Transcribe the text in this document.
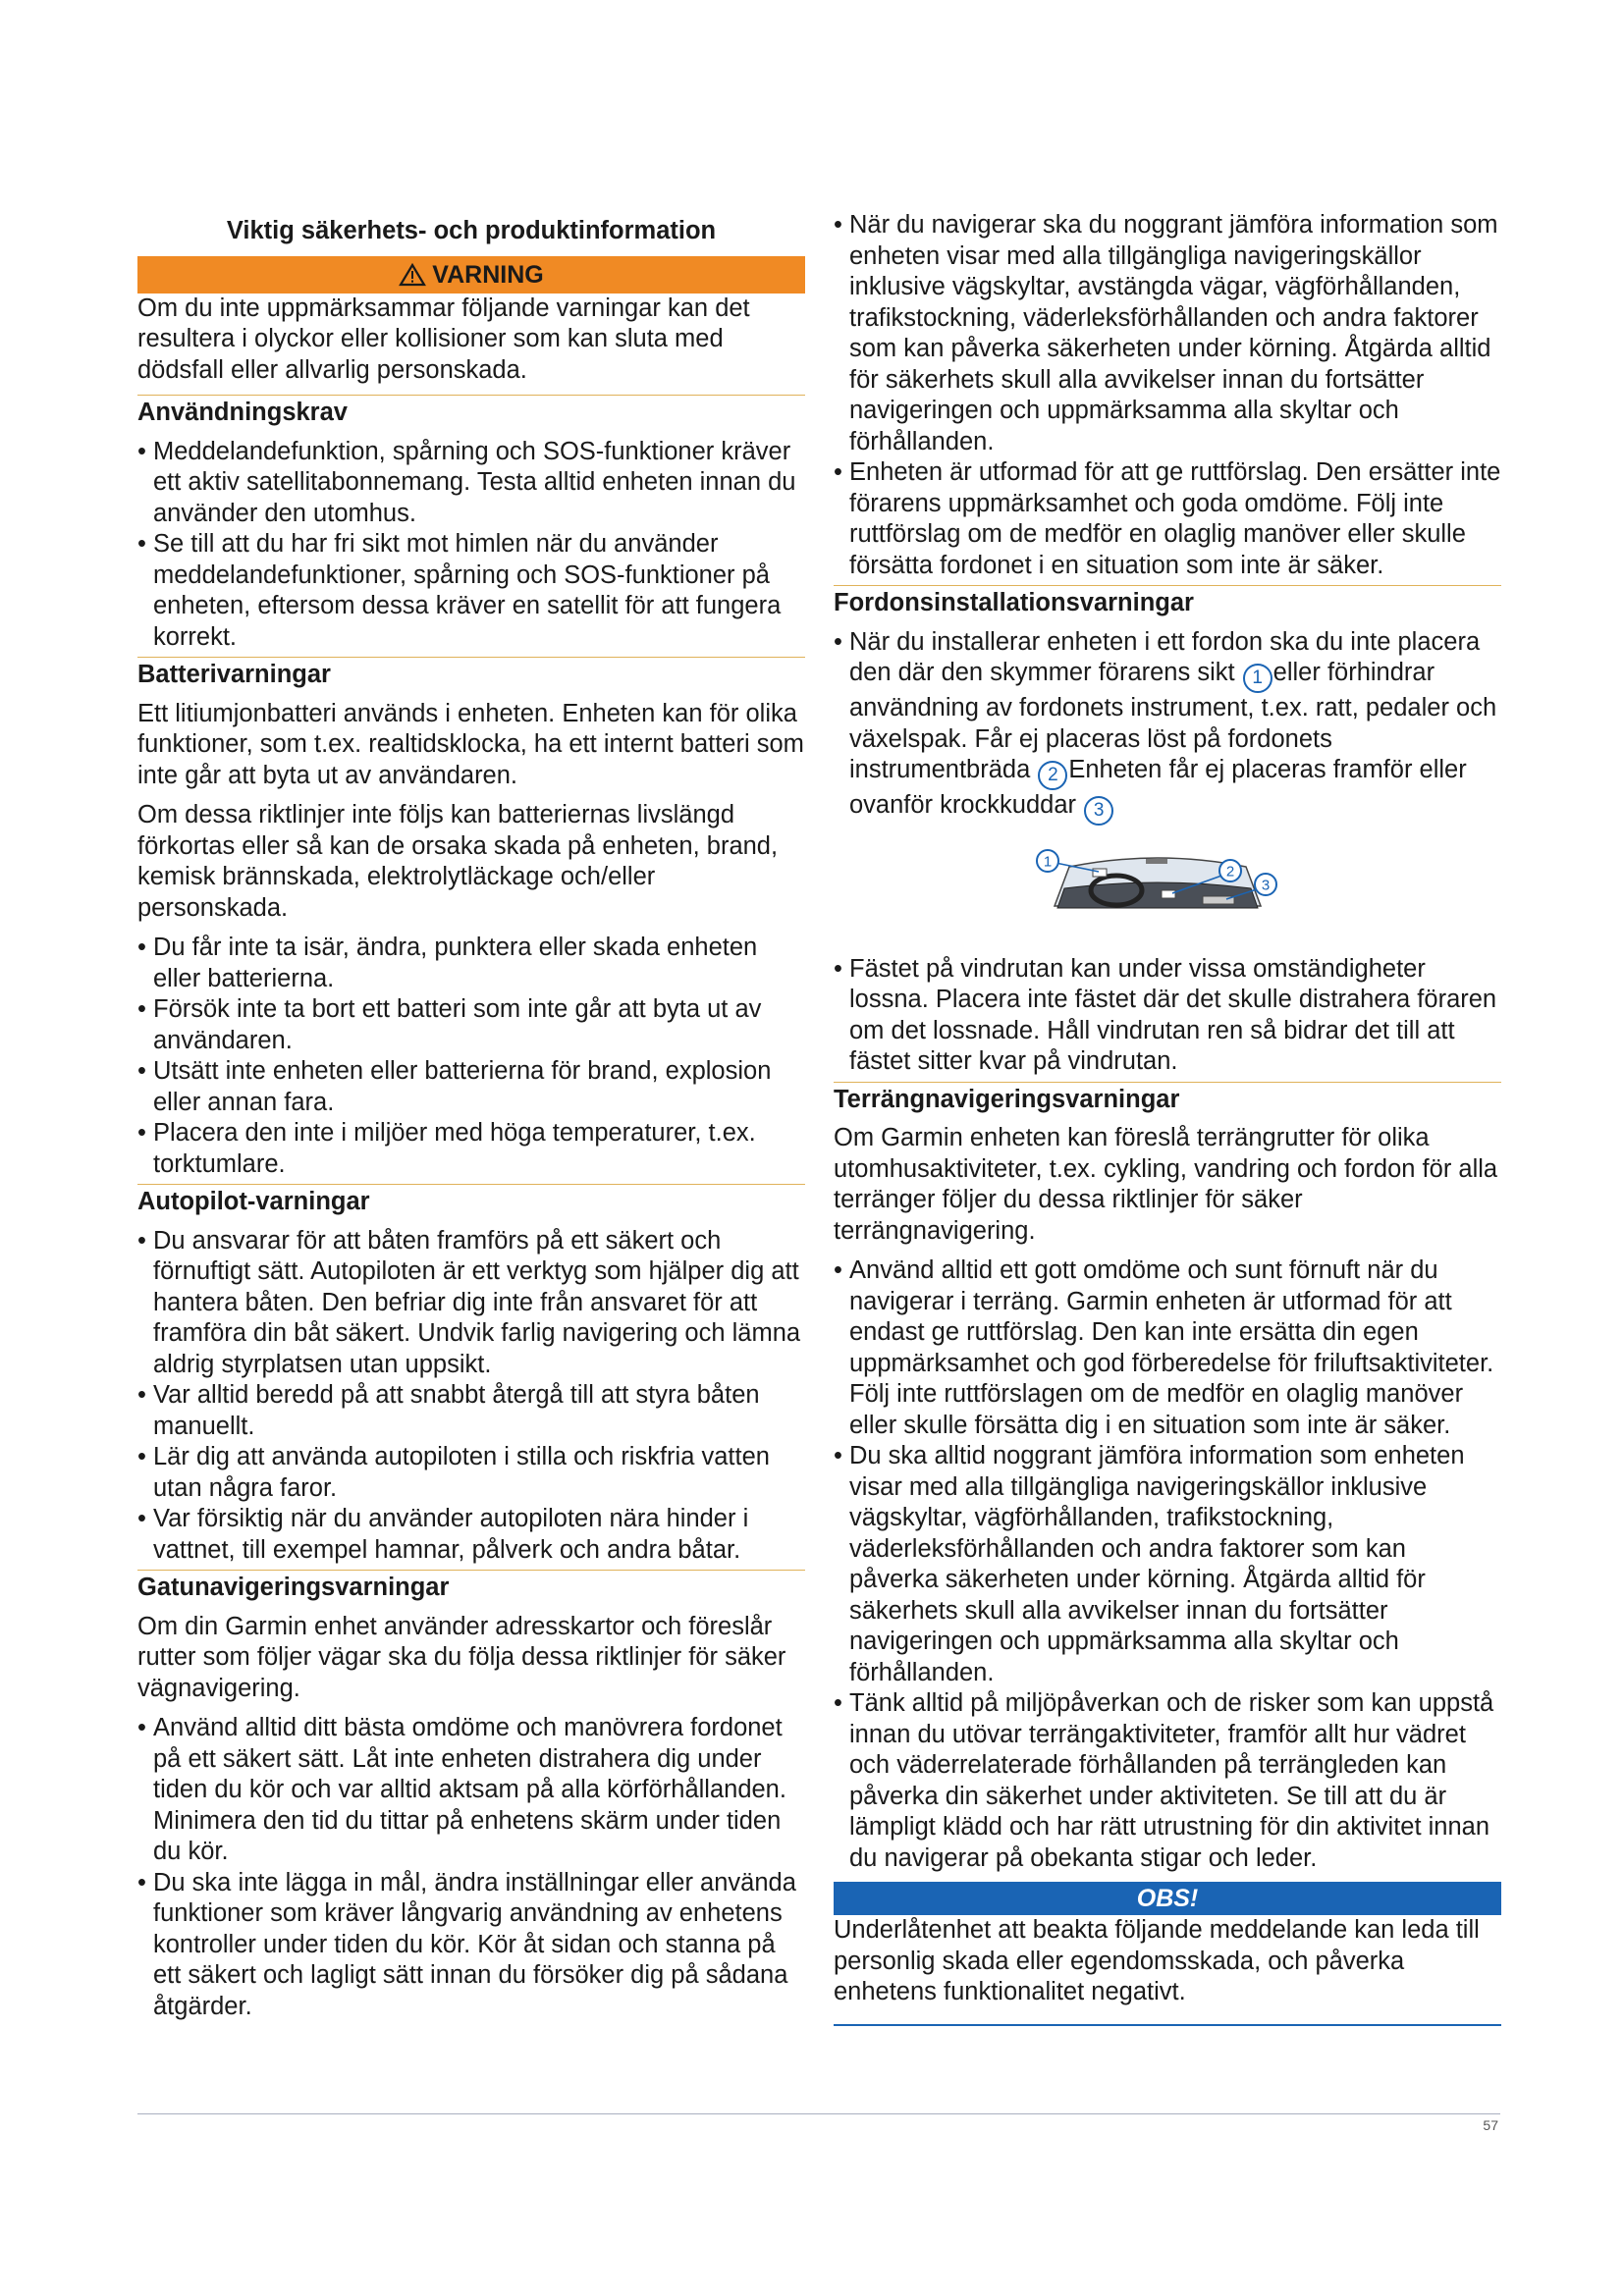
Viktig säkerhets- och produktinformation
VARNING

Om du inte uppmärksammar följande varningar kan det resultera i olyckor eller kollisioner som kan sluta med dödsfall eller allvarlig personskada.

Användningskrav
• Meddelandefunktion, spårning och SOS-funktioner kräver ett aktiv satellitabonnemang. Testa alltid enheten innan du använder den utomhus.
• Se till att du har fri sikt mot himlen när du använder meddelandefunktioner, spårning och SOS-funktioner på enheten, eftersom dessa kräver en satellit för att fungera korrekt.
Batterivarningar

Ett litiumjonbatteri används i enheten. Enheten kan för olika funktioner, som t.ex. realtidsklocka, ha ett internt batteri som inte går att byta ut av användaren.

Om dessa riktlinjer inte följs kan batteriernas livslängd förkortas eller så kan de orsaka skada på enheten, brand, kemisk brännskada, elektrolytläckage och/eller personskada.

• Du får inte ta isär, ändra, punktera eller skada enheten eller batterierna.
• Försök inte ta bort ett batteri som inte går att byta ut av användaren.
• Utsätt inte enheten eller batterierna för brand, explosion eller annan fara.
• Placera den inte i miljöer med höga temperaturer, t.ex. torktumlare.
Autopilot-varningar
• Du ansvarar för att båten framförs på ett säkert och förnuftigt sätt. Autopiloten är ett verktyg som hjälper dig att hantera båten. Den befriar dig inte från ansvaret för att framföra din båt säkert. Undvik farlig navigering och lämna aldrig styrplatsen utan uppsikt.
• Var alltid beredd på att snabbt återgå till att styra båten manuellt.
• Lär dig att använda autopiloten i stilla och riskfria vatten utan några faror.
• Var försiktig när du använder autopiloten nära hinder i vattnet, till exempel hamnar, pålverk och andra båtar.
Gatunavigeringsvarningar

Om din Garmin enhet använder adresskartor och föreslår rutter som följer vägar ska du följa dessa riktlinjer för säker vägnavigering.

• Använd alltid ditt bästa omdöme och manövrera fordonet på ett säkert sätt. Låt inte enheten distrahera dig under tiden du kör och var alltid aktsam på alla körförhållanden. Minimera den tid du tittar på enhetens skärm under tiden du kör.
• Du ska inte lägga in mål, ändra inställningar eller använda funktioner som kräver långvarig användning av enhetens kontroller under tiden du kör. Kör åt sidan och stanna på ett säkert och lagligt sätt innan du försöker dig på sådana åtgärder.
• När du navigerar ska du noggrant jämföra information som enheten visar med alla tillgängliga navigeringskällor inklusive vägskyltar, avstängda vägar, vägförhållanden, trafikstockning, väderleksförhållanden och andra faktorer som kan påverka säkerheten under körning. Åtgärda alltid för säkerhets skull alla avvikelser innan du fortsätter navigeringen och uppmärksamma alla skyltar och förhållanden.
• Enheten är utformad för att ge ruttförslag. Den ersätter inte förarens uppmärksamhet och goda omdöme. Följ inte ruttförslag om de medför en olaglig manöver eller skulle försätta fordonet i en situation som inte är säker.
Fordonsinstallationsvarningar
• När du installerar enheten i ett fordon ska du inte placera den där den skymmer förarens sikt 1 eller förhindrar användning av fordonets instrument, t.ex. ratt, pedaler och växelspak. Får ej placeras löst på fordonets instrumentbräda 2 Enheten får ej placeras framför eller ovanför krockkuddar 3
1
2
3
• Fästet på vindrutan kan under vissa omständigheter lossna. Placera inte fästet där det skulle distrahera föraren om det lossnade. Håll vindrutan ren så bidrar det till att fästet sitter kvar på vindrutan.
Terrängnavigeringsvarningar

Om Garmin enheten kan föreslå terrängrutter för olika utomhusaktiviteter, t.ex. cykling, vandring och fordon för alla terränger följer du dessa riktlinjer för säker terrängnavigering.

• Använd alltid ett gott omdöme och sunt förnuft när du navigerar i terräng. Garmin enheten är utformad för att endast ge ruttförslag. Den kan inte ersätta din egen uppmärksamhet och god förberedelse för friluftsaktiviteter. Följ inte ruttförslagen om de medför en olaglig manöver eller skulle försätta dig i en situation som inte är säker.
• Du ska alltid noggrant jämföra information som enheten visar med alla tillgängliga navigeringskällor inklusive vägskyltar, vägförhållanden, trafikstockning, väderleksförhållanden och andra faktorer som kan påverka säkerheten under körning. Åtgärda alltid för säkerhets skull alla avvikelser innan du fortsätter navigeringen och uppmärksamma alla skyltar och förhållanden.
• Tänk alltid på miljöpåverkan och de risker som kan uppstå innan du utövar terrängaktiviteter, framför allt hur vädret och väderrelaterade förhållanden på terrängleden kan påverka din säkerhet under aktiviteten. Se till att du är lämpligt klädd och har rätt utrustning för din aktivitet innan du navigerar på obekanta stigar och leder.
OBS!

Underlåtenhet att beakta följande meddelande kan leda till personlig skada eller egendomsskada, och påverka enhetens funktionalitet negativt.

57
